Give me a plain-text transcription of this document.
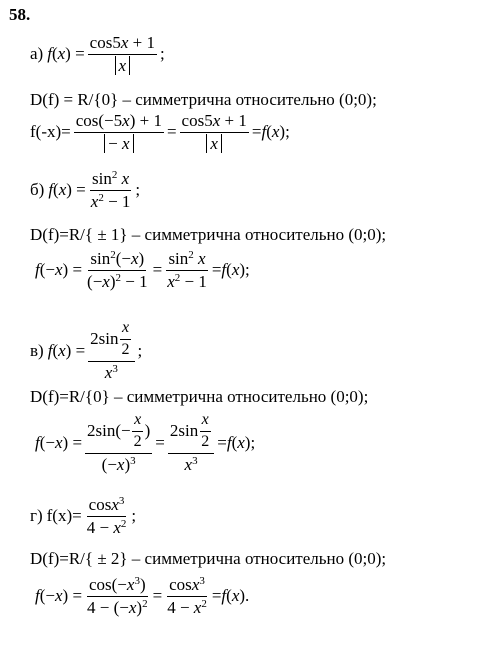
58.
а) f ( x ) =
cos5x + 1
x
;
D(f) = R/{0} – симметрична относительно (0;0);
$f(-x)= \frac{\cos(-5x) + 1}{- x}$ =
cos5x + 1
x
= f ( x );
б) f ( x ) =
$\sin^2 x$
$x^2 - 1$
;
D(f)=R/{ ± 1} – симметрична относительно (0;0);
f (− x ) =
$\sin^2(-x)$
$(-x)^2 - 1$
=
$\sin^2 x$
$x^2 - 1$
= f ( x );
в) f ( x ) =
2sin
x
2
$x^3$
;
D(f)=R/{0} – симметрична относительно (0;0);
f (− x ) =
2sin(−
x
2
)
$(-x)^3$
=
2sin
x
2
$x^3$
= f ( x );
г) $f(x)= \frac{\cos x^3}{4 - x^2}$ ;
D(f)=R/{ ± 2} – симметрична относительно (0;0);
f (− x ) =
$\cos(-x^3)$
$4 - (-x)^2$ =
cosx$^3$
$4 - x^2 = f$ ( x ).
